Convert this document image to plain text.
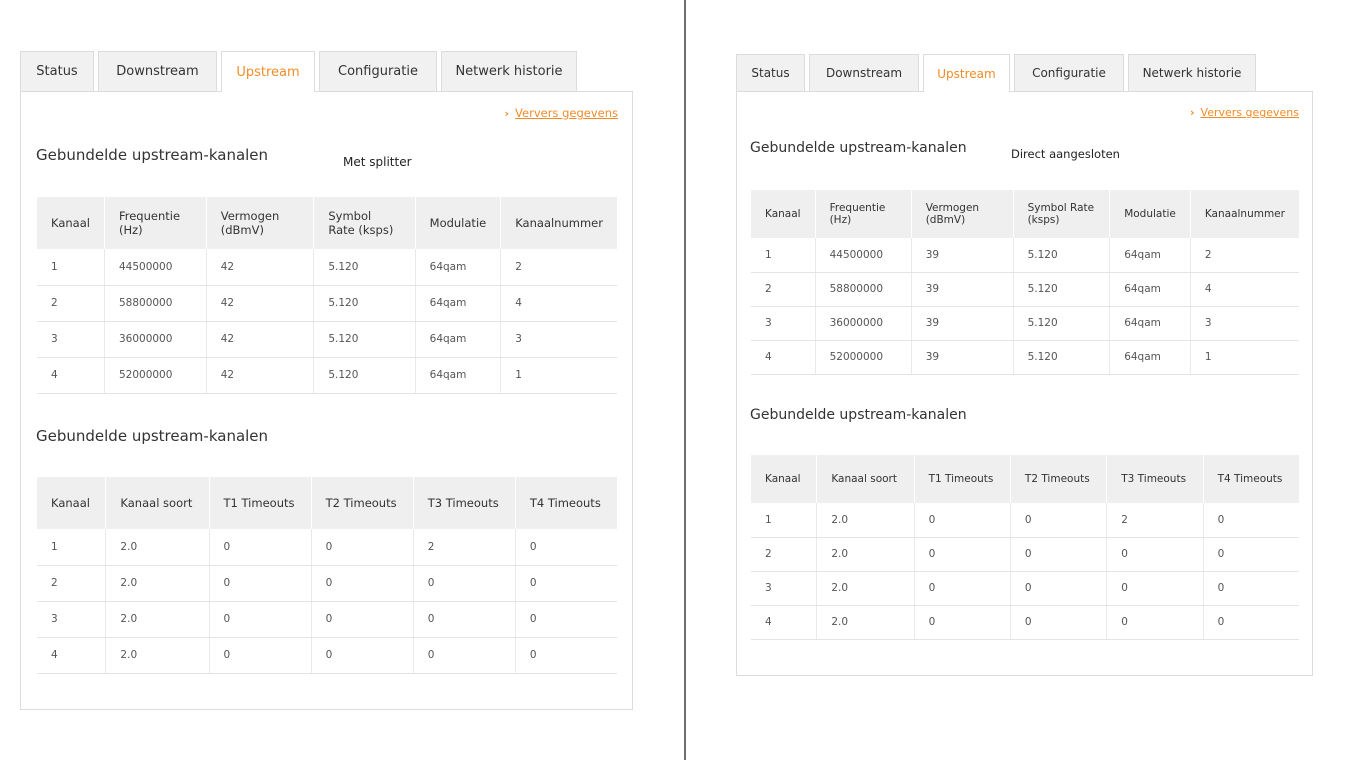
Status	Downstream	Upstream	Configuratie	Netwerk historie
› Ververs gegevens
Gebundelde upstream-kanalen	Met splitter
Kanaal	Frequentie (Hz)	Vermogen (dBmV)	Symbol Rate (ksps)	Modulatie	Kanaalnummer
1	44500000	42	5.120	64qam	2
2	58800000	42	5.120	64qam	4
3	36000000	42	5.120	64qam	3
4	52000000	42	5.120	64qam	1
Gebundelde upstream-kanalen
Kanaal	Kanaal soort	T1 Timeouts	T2 Timeouts	T3 Timeouts	T4 Timeouts
1	2.0	0	0	2	0
2	2.0	0	0	0	0
3	2.0	0	0	0	0
4	2.0	0	0	0	0
Status	Downstream	Upstream	Configuratie	Netwerk historie
› Ververs gegevens
Gebundelde upstream-kanalen	Direct aangesloten
Kanaal	Frequentie (Hz)	Vermogen (dBmV)	Symbol Rate (ksps)	Modulatie	Kanaalnummer
1	44500000	39	5.120	64qam	2
2	58800000	39	5.120	64qam	4
3	36000000	39	5.120	64qam	3
4	52000000	39	5.120	64qam	1
Gebundelde upstream-kanalen
Kanaal	Kanaal soort	T1 Timeouts	T2 Timeouts	T3 Timeouts	T4 Timeouts
1	2.0	0	0	2	0
2	2.0	0	0	0	0
3	2.0	0	0	0	0
4	2.0	0	0	0	0
